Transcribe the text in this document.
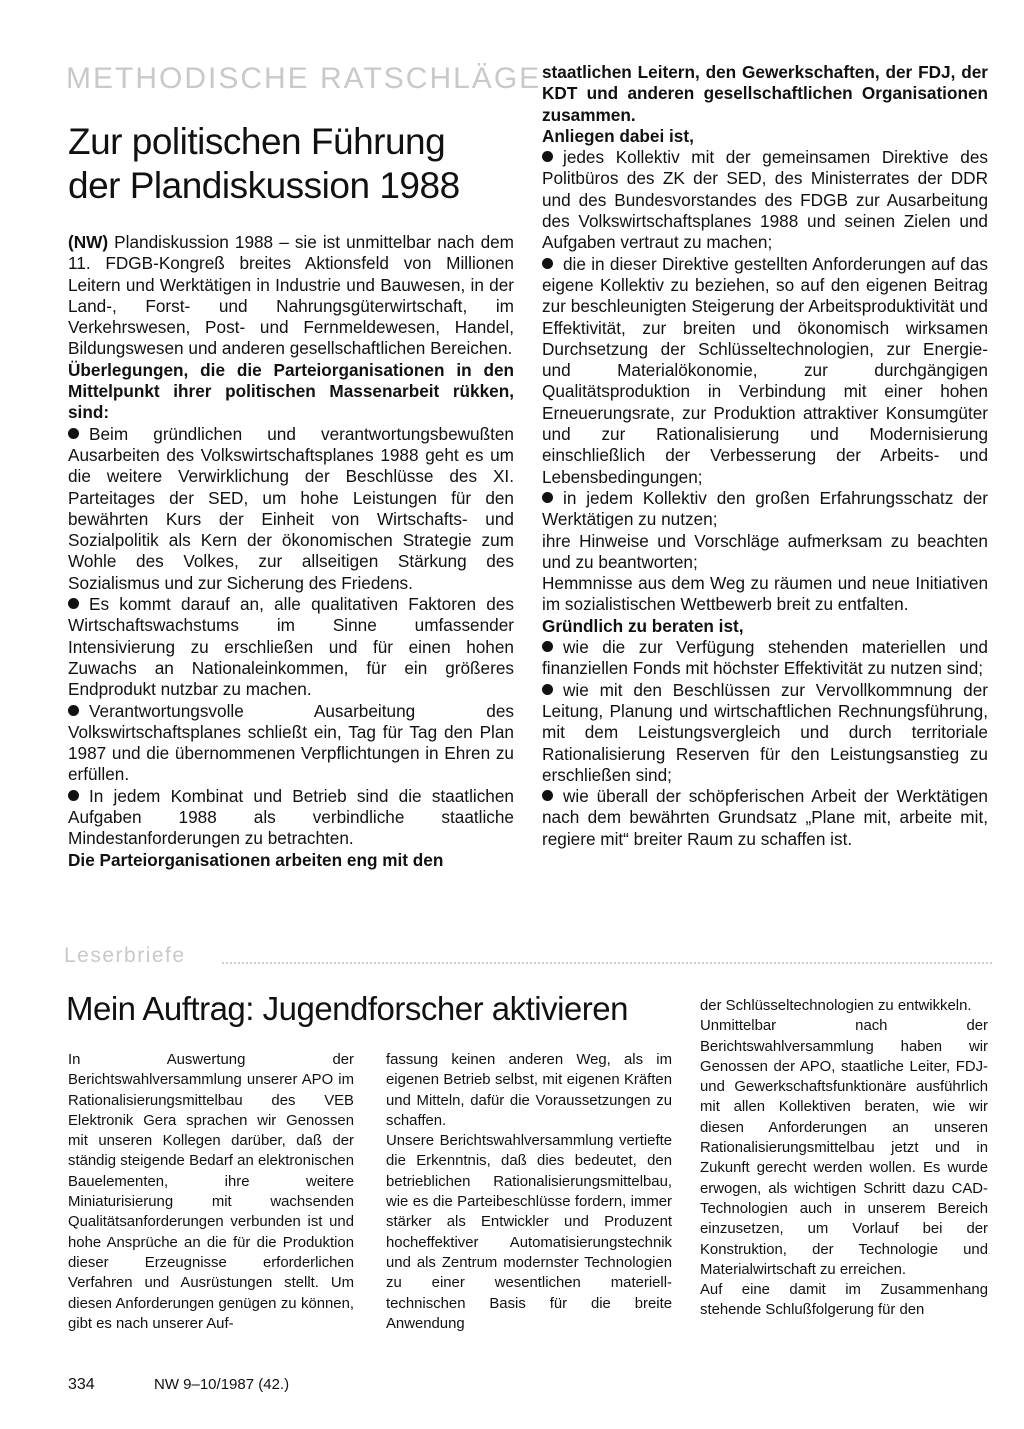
METHODISCHE RATSCHLÄGE
Zur politischen Führung
der Plandiskussion 1988

(NW) Plandiskussion 1988 – sie ist unmittelbar nach dem 11. FDGB-Kongreß breites Aktionsfeld von Millionen Leitern und Werktätigen in Industrie und Bauwesen, in der Land-, Forst- und Nahrungsgüterwirtschaft, im Verkehrswesen, Post- und Fernmeldewesen, Handel, Bildungswesen und anderen gesellschaftlichen Bereichen.

Überlegungen, die die Parteiorganisationen in den Mittelpunkt ihrer politischen Massenarbeit rükken, sind:

Beim gründlichen und verantwortungsbewußten Ausarbeiten des Volkswirtschaftsplanes 1988 geht es um die weitere Verwirklichung der Beschlüsse des XI. Parteitages der SED, um hohe Leistungen für den bewährten Kurs der Einheit von Wirtschafts- und Sozialpolitik als Kern der ökonomischen Strategie zum Wohle des Volkes, zur allseitigen Stärkung des Sozialismus und zur Sicherung des Friedens.

Es kommt darauf an, alle qualitativen Faktoren des Wirtschaftswachstums im Sinne umfassender Intensivierung zu erschließen und für einen hohen Zuwachs an Nationaleinkommen, für ein größeres Endprodukt nutzbar zu machen.

Verantwortungsvolle Ausarbeitung des Volkswirtschaftsplanes schließt ein, Tag für Tag den Plan 1987 und die übernommenen Verpflichtungen in Ehren zu erfüllen.

In jedem Kombinat und Betrieb sind die staatlichen Aufgaben 1988 als verbindliche staatliche Mindestanforderungen zu betrachten.

Die Parteiorganisationen arbeiten eng mit den

staatlichen Leitern, den Gewerkschaften, der FDJ, der KDT und anderen gesellschaftlichen Organisationen zusammen.

Anliegen dabei ist,

jedes Kollektiv mit der gemeinsamen Direktive des Politbüros des ZK der SED, des Ministerrates der DDR und des Bundesvorstandes des FDGB zur Ausarbeitung des Volkswirtschaftsplanes 1988 und seinen Zielen und Aufgaben vertraut zu machen;

die in dieser Direktive gestellten Anforderungen auf das eigene Kollektiv zu beziehen, so auf den eigenen Beitrag zur beschleunigten Steigerung der Arbeitsproduktivität und Effektivität, zur breiten und ökonomisch wirksamen Durchsetzung der Schlüsseltechnologien, zur Energie- und Materialökonomie, zur durchgängigen Qualitätsproduktion in Verbindung mit einer hohen Erneuerungsrate, zur Produktion attraktiver Konsumgüter und zur Rationalisierung und Modernisierung einschließlich der Verbesserung der Arbeits- und Lebensbedingungen;

in jedem Kollektiv den großen Erfahrungsschatz der Werktätigen zu nutzen;

ihre Hinweise und Vorschläge aufmerksam zu beachten und zu beantworten;

Hemmnisse aus dem Weg zu räumen und neue Initiativen im sozialistischen Wettbewerb breit zu entfalten.

Gründlich zu beraten ist,

wie die zur Verfügung stehenden materiellen und finanziellen Fonds mit höchster Effektivität zu nutzen sind;

wie mit den Beschlüssen zur Vervollkommnung der Leitung, Planung und wirtschaftlichen Rechnungsführung, mit dem Leistungsvergleich und durch territoriale Rationalisierung Reserven für den Leistungsanstieg zu erschließen sind;

wie überall der schöpferischen Arbeit der Werktätigen nach dem bewährten Grundsatz „Plane mit, arbeite mit, regiere mit“ breiter Raum zu schaffen ist.

Leserbriefe
Mein Auftrag: Jugendforscher aktivieren

In Auswertung der Berichtswahlversammlung unserer APO im Rationalisierungsmittelbau des VEB Elektronik Gera sprachen wir Genossen mit unseren Kollegen darüber, daß der ständig steigende Bedarf an elektronischen Bauelementen, ihre weitere Miniaturisierung mit wachsenden Qualitätsanforderungen verbunden ist und hohe Ansprüche an die für die Produktion dieser Erzeugnisse erforderlichen Verfahren und Ausrüstungen stellt. Um diesen Anforderungen genügen zu können, gibt es nach unserer Auf-

fassung keinen anderen Weg, als im eigenen Betrieb selbst, mit eigenen Kräften und Mitteln, dafür die Voraussetzungen zu schaffen.

Unsere Berichtswahlversammlung vertiefte die Erkenntnis, daß dies bedeutet, den betrieblichen Rationalisierungsmittelbau, wie es die Parteibeschlüsse fordern, immer stärker als Entwickler und Produzent hocheffektiver Automatisierungstechnik und als Zentrum modernster Technologien zu einer wesentlichen materiell-technischen Basis für die breite Anwendung

der Schlüsseltechnologien zu entwikkeln.

Unmittelbar nach der Berichtswahlversammlung haben wir Genossen der APO, staatliche Leiter, FDJ- und Gewerkschaftsfunktionäre ausführlich mit allen Kollektiven beraten, wie wir diesen Anforderungen an unseren Rationalisierungsmittelbau jetzt und in Zukunft gerecht werden wollen. Es wurde erwogen, als wichtigen Schritt dazu CAD-Technologien auch in unserem Bereich einzusetzen, um Vorlauf bei der Konstruktion, der Technologie und Materialwirtschaft zu erreichen.

Auf eine damit im Zusammenhang stehende Schlußfolgerung für den

334	NW 9–10/1987 (42.)
